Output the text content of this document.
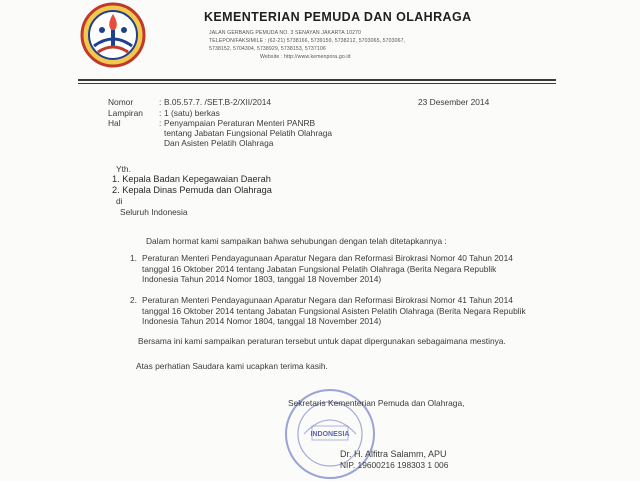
KEMENTERIAN PEMUDA DAN OLAHRAGA
JALAN GERBANG PEMUDA NO. 3 SENAYAN JAKARTA 10270
TELEPON/FAKSIMILE : (62-21) 5738166, 5739159, 5738212, 5703065, 5703067,
5738152, 5704304, 5738929, 5738153, 5737106
Website : http://www.kemenpora.go.id
Nomor	: B.05.57.7. /SET.B-2/XII/2014	23 Desember 2014
Lampiran : 1 (satu) berkas
Hal	: Penyampaian Peraturan Menteri PANRB
tentang Jabatan Fungsional Pelatih Olahraga
Dan Asisten Pelatih Olahraga
Yth.
1. Kepala Badan Kepegawaian Daerah
2. Kepala Dinas Pemuda dan Olahraga
di
Seluruh Indonesia
Dalam hormat kami sampaikan bahwa sehubungan dengan telah ditetapkannya :
1. Peraturan Menteri Pendayagunaan Aparatur Negara dan Reformasi Birokrasi Nomor 40 Tahun 2014 tanggal 16 Oktober 2014 tentang Jabatan Fungsional Pelatih Olahraga (Berita Negara Republik Indonesia Tahun 2014 Nomor 1803, tanggal 18 November 2014)
2. Peraturan Menteri Pendayagunaan Aparatur Negara dan Reformasi Birokrasi Nomor 41 Tahun 2014 tanggal 16 Oktober 2014 tentang Jabatan Fungsional Asisten Pelatih Olahraga (Berita Negara Republik Indonesia Tahun 2014 Nomor 1804, tanggal 18 November 2014)
Bersama ini kami sampaikan peraturan tersebut untuk dapat dipergunakan sebagaimana mestinya.
Atas perhatian Saudara kami ucapkan terima kasih.
INDONESIA
Sekretaris Kementerian Pemuda dan Olahraga,
Dr. H. Alfitra Salamm, APU
NIP. 19600216 198303 1 006
